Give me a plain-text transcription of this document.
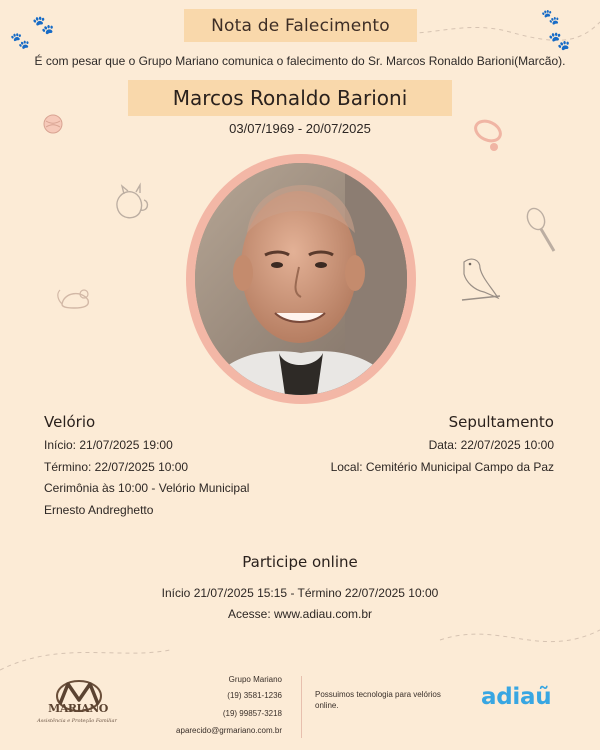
🐾
🐾
🐾
🐾
Nota de Falecimento
É com pesar que o Grupo Mariano comunica o falecimento do Sr. Marcos Ronaldo Barioni(Marcão).
Marcos Ronaldo Barioni
03/07/1969 - 20/07/2025
Velório
Início: 21/07/2025 19:00
Término: 22/07/2025 10:00
Cerimônia às 10:00 - Velório Municipal
Ernesto Andreghetto
Sepultamento
Data: 22/07/2025 10:00
Local: Cemitério Municipal Campo da Paz
Participe online
Início 21/07/2025 15:15 - Término 22/07/2025 10:00
Acesse: www.adiau.com.br
MARIANO
Assistência e Proteção Familiar
Grupo Mariano
(19) 3581-1236
(19) 99857-3218
aparecido@grmariano.com.br
Possuimos tecnologia para velórios online.	adiaũ
